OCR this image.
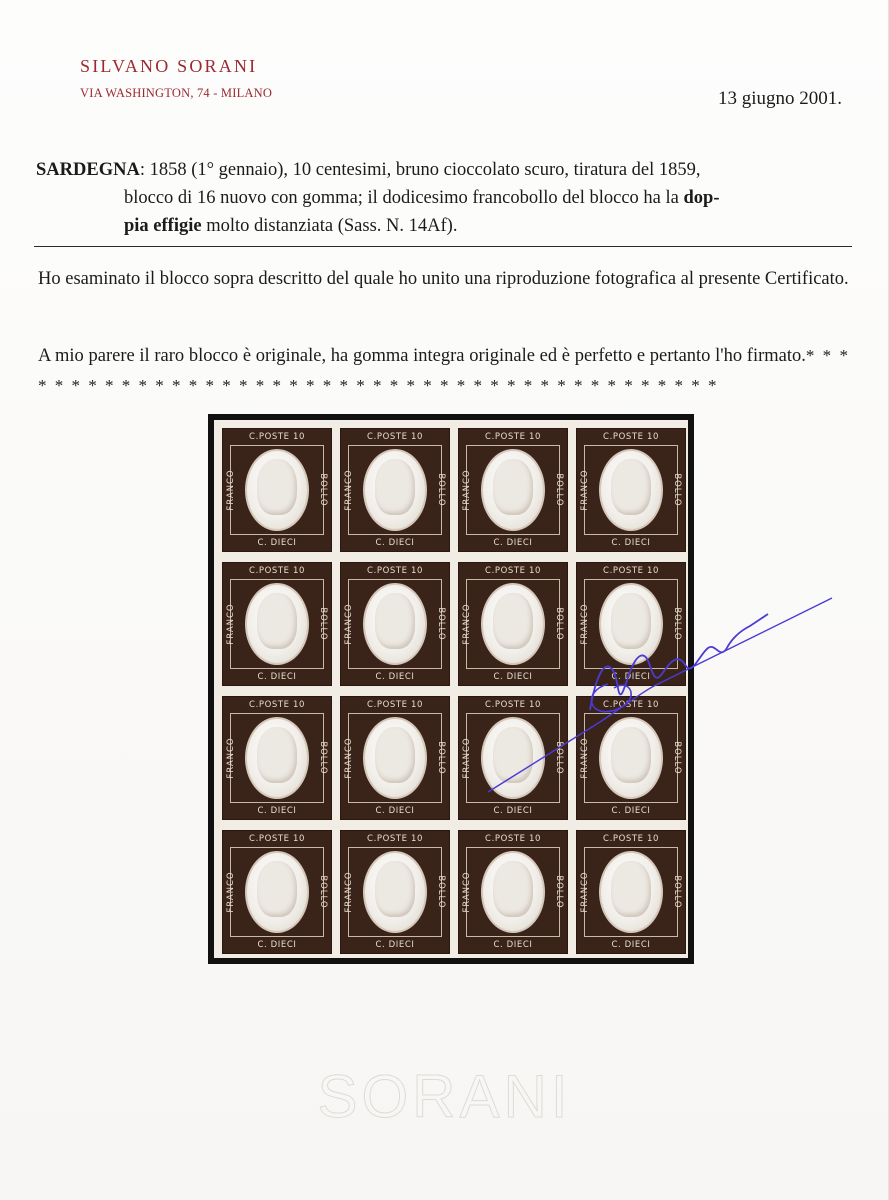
SILVANO SORANI
VIA WASHINGTON, 74 - MILANO	13 giugno 2001.
SARDEGNA: 1858 (1° gennaio), 10 centesimi, bruno cioccolato scuro, tiratura del 1859,
blocco di 16 nuovo con gomma; il dodicesimo francobollo del blocco ha la dop-
pia effigie molto distanziata (Sass. N. 14Af).
Ho esaminato il blocco sopra descritto del quale ho unito una riproduzione fotografica al presente Certificato.
A mio parere il raro blocco è originale, ha gomma integra originale ed è perfetto e pertanto l'ho firmato.* * * * * * * * * * * * * * * * * * * * * * * * * * * * * * * * * * * * * * * * * * * *
C.POSTE 10
C. DIECI
FRANCO	BOLLO
C.POSTE 10
C. DIECI
FRANCO	BOLLO
C.POSTE 10
C. DIECI
FRANCO	BOLLO
C.POSTE 10
C. DIECI
FRANCO	BOLLO
C.POSTE 10
C. DIECI
FRANCO	BOLLO
C.POSTE 10
C. DIECI
FRANCO	BOLLO
C.POSTE 10
C. DIECI
FRANCO	BOLLO
C.POSTE 10
C. DIECI
FRANCO	BOLLO
C.POSTE 10
C. DIECI
FRANCO	BOLLO
C.POSTE 10
C. DIECI
FRANCO	BOLLO
C.POSTE 10
C. DIECI
FRANCO	BOLLO
C.POSTE 10
C. DIECI
FRANCO	BOLLO
C.POSTE 10
C. DIECI
FRANCO	BOLLO
C.POSTE 10
C. DIECI
FRANCO	BOLLO
C.POSTE 10
C. DIECI
FRANCO	BOLLO
C.POSTE 10
C. DIECI
FRANCO	BOLLO
SORANI
